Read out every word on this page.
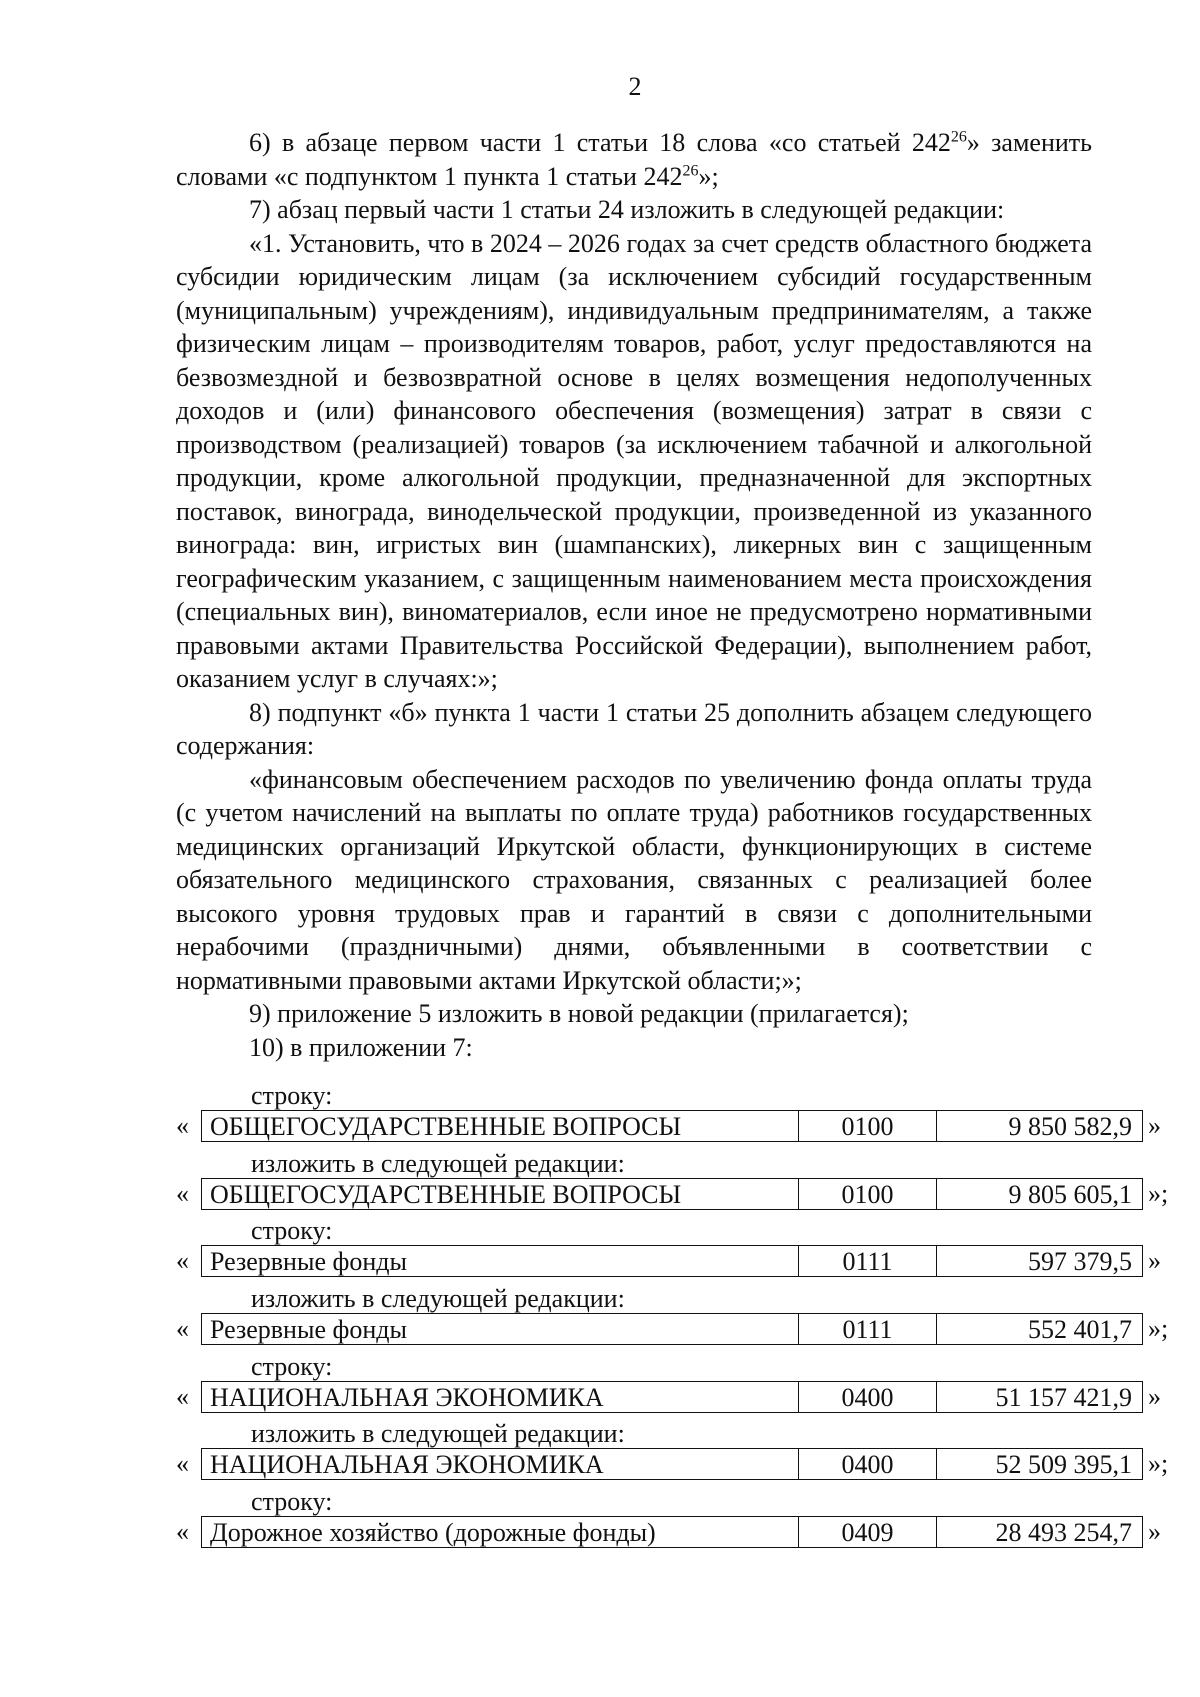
2

6) в абзаце первом части 1 статьи 18 слова «со статьей $242^{26}$» заменить словами «с подпунктом 1 пункта 1 статьи $242^{26}$»;

7) абзац первый части 1 статьи 24 изложить в следующей редакции:

«1. Установить, что в 2024 – 2026 годах за счет средств областного бюджета субсидии юридическим лицам (за исключением субсидий государственным (муниципальным) учреждениям), индивидуальным предпринимателям, а также физическим лицам – производителям товаров, работ, услуг предоставляются на безвозмездной и безвозвратной основе в целях возмещения недополученных доходов и (или) финансового обеспечения (возмещения) затрат в связи с производством (реализацией) товаров (за исключением табачной и алкогольной продукции, кроме алкогольной продукции, предназначенной для экспортных поставок, винограда, винодельческой продукции, произведенной из указанного винограда: вин, игристых вин (шампанских), ликерных вин с защищенным географическим указанием, с защищенным наименованием места происхождения (специальных вин), виноматериалов, если иное не предусмотрено нормативными правовыми актами Правительства Российской Федерации), выполнением работ, оказанием услуг в случаях:»;

8) подпункт «б» пункта 1 части 1 статьи 25 дополнить абзацем следующего содержания:

«финансовым обеспечением расходов по увеличению фонда оплаты труда (с учетом начислений на выплаты по оплате труда) работников государственных медицинских организаций Иркутской области, функционирующих в системе обязательного медицинского страхования, связанных с реализацией более высокого уровня трудовых прав и гарантий в связи с дополнительными нерабочими (праздничными) днями, объявленными в соответствии с нормативными правовыми актами Иркутской области;»;

9) приложение 5 изложить в новой редакции (прилагается);

10) в приложении 7:

строку:
« ОБЩЕГОСУДАРСТВЕННЫЕ ВОПРОСЫ	0100	9 850 582,9 »
изложить в следующей редакции:
« ОБЩЕГОСУДАРСТВЕННЫЕ ВОПРОСЫ	0100	9 805 605,1 »;
строку:
« Резервные фонды	0111	597 379,5 »
изложить в следующей редакции:
« Резервные фонды	0111	552 401,7 »;
строку:
« НАЦИОНАЛЬНАЯ ЭКОНОМИКА	0400	51 157 421,9 »
изложить в следующей редакции:
« НАЦИОНАЛЬНАЯ ЭКОНОМИКА	0400	52 509 395,1 »;
строку:
« Дорожное хозяйство (дорожные фонды)	0409	28 493 254,7 »
